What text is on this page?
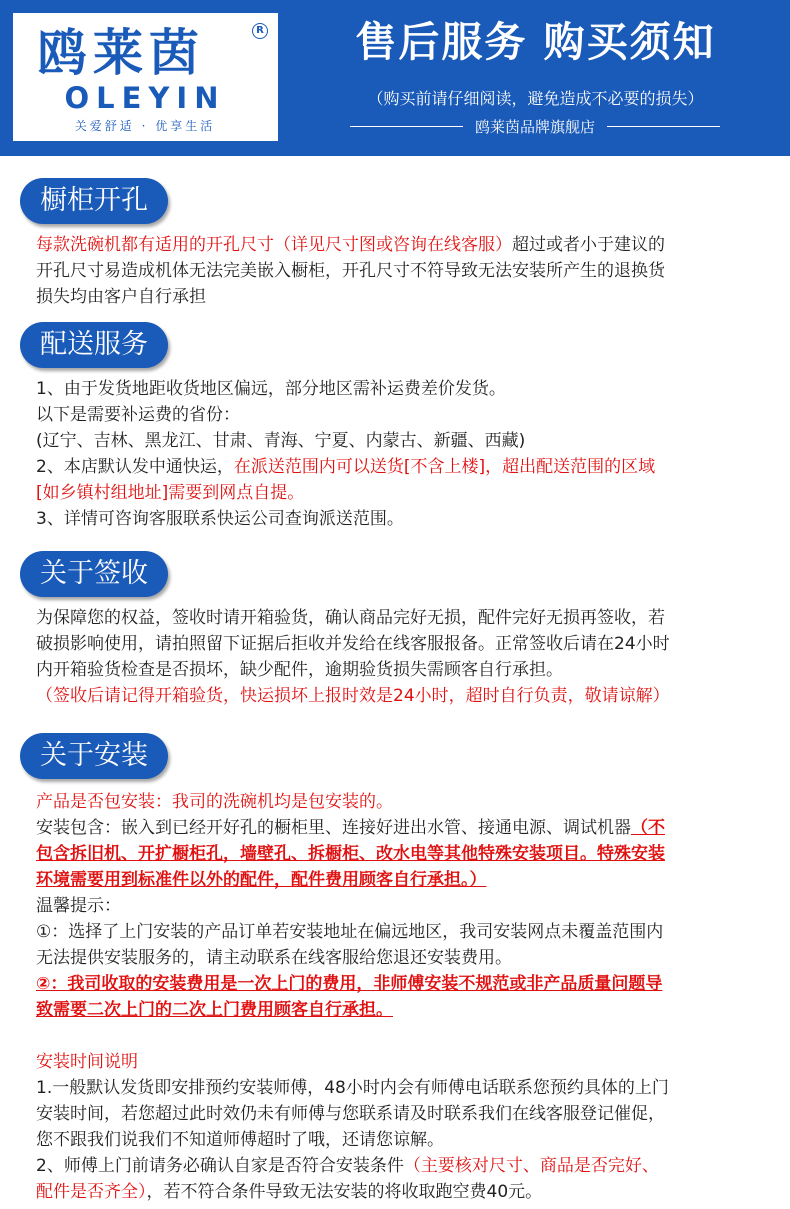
鸥莱茵	R
OLEYIN
关爱舒适 · 优享生活
售后服务 购买须知
（购买前请仔细阅读，避免造成不必要的损失）
鸥莱茵品牌旗舰店
橱柜开孔
每款洗碗机都有适用的开孔尺寸（详见尺寸图或咨询在线客服）超过或者小于建议的
开孔尺寸易造成机体无法完美嵌入橱柜，开孔尺寸不符导致无法安装所产生的退换货
损失均由客户自行承担
配送服务
1、由于发货地距收货地区偏远，部分地区需补运费差价发货。
以下是需要补运费的省份：
(辽宁、吉林、黑龙江、甘肃、青海、宁夏、内蒙古、新疆、西藏)
2、本店默认发中通快运，在派送范围内可以送货[不含上楼]，超出配送范围的区域
[如乡镇村组地址]需要到网点自提。
3、详情可咨询客服联系快运公司查询派送范围。
关于签收
为保障您的权益，签收时请开箱验货，确认商品完好无损，配件完好无损再签收，若
破损影响使用，请拍照留下证据后拒收并发给在线客服报备。正常签收后请在24小时
内开箱验货检查是否损坏，缺少配件，逾期验货损失需顾客自行承担。
（签收后请记得开箱验货，快运损坏上报时效是24小时，超时自行负责，敬请谅解）
关于安装
产品是否包安装：我司的洗碗机均是包安装的。
安装包含：嵌入到已经开好孔的橱柜里、连接好进出水管、接通电源、调试机器（不
包含拆旧机、开扩橱柜孔，墙壁孔、拆橱柜、改水电等其他特殊安装项目。特殊安装
环境需要用到标准件以外的配件，配件费用顾客自行承担。）
温馨提示：
①：选择了上门安装的产品订单若安装地址在偏远地区，我司安装网点未覆盖范围内
无法提供安装服务的，请主动联系在线客服给您退还安装费用。
②：我司收取的安装费用是一次上门的费用，非师傅安装不规范或非产品质量问题导
致需要二次上门的二次上门费用顾客自行承担。
安装时间说明
1.一般默认发货即安排预约安装师傅，48小时内会有师傅电话联系您预约具体的上门
安装时间，若您超过此时效仍未有师傅与您联系请及时联系我们在线客服登记催促，
您不跟我们说我们不知道师傅超时了哦，还请您谅解。
2、师傅上门前请务必确认自家是否符合安装条件（主要核对尺寸、商品是否完好、
配件是否齐全），若不符合条件导致无法安装的将收取跑空费40元。
